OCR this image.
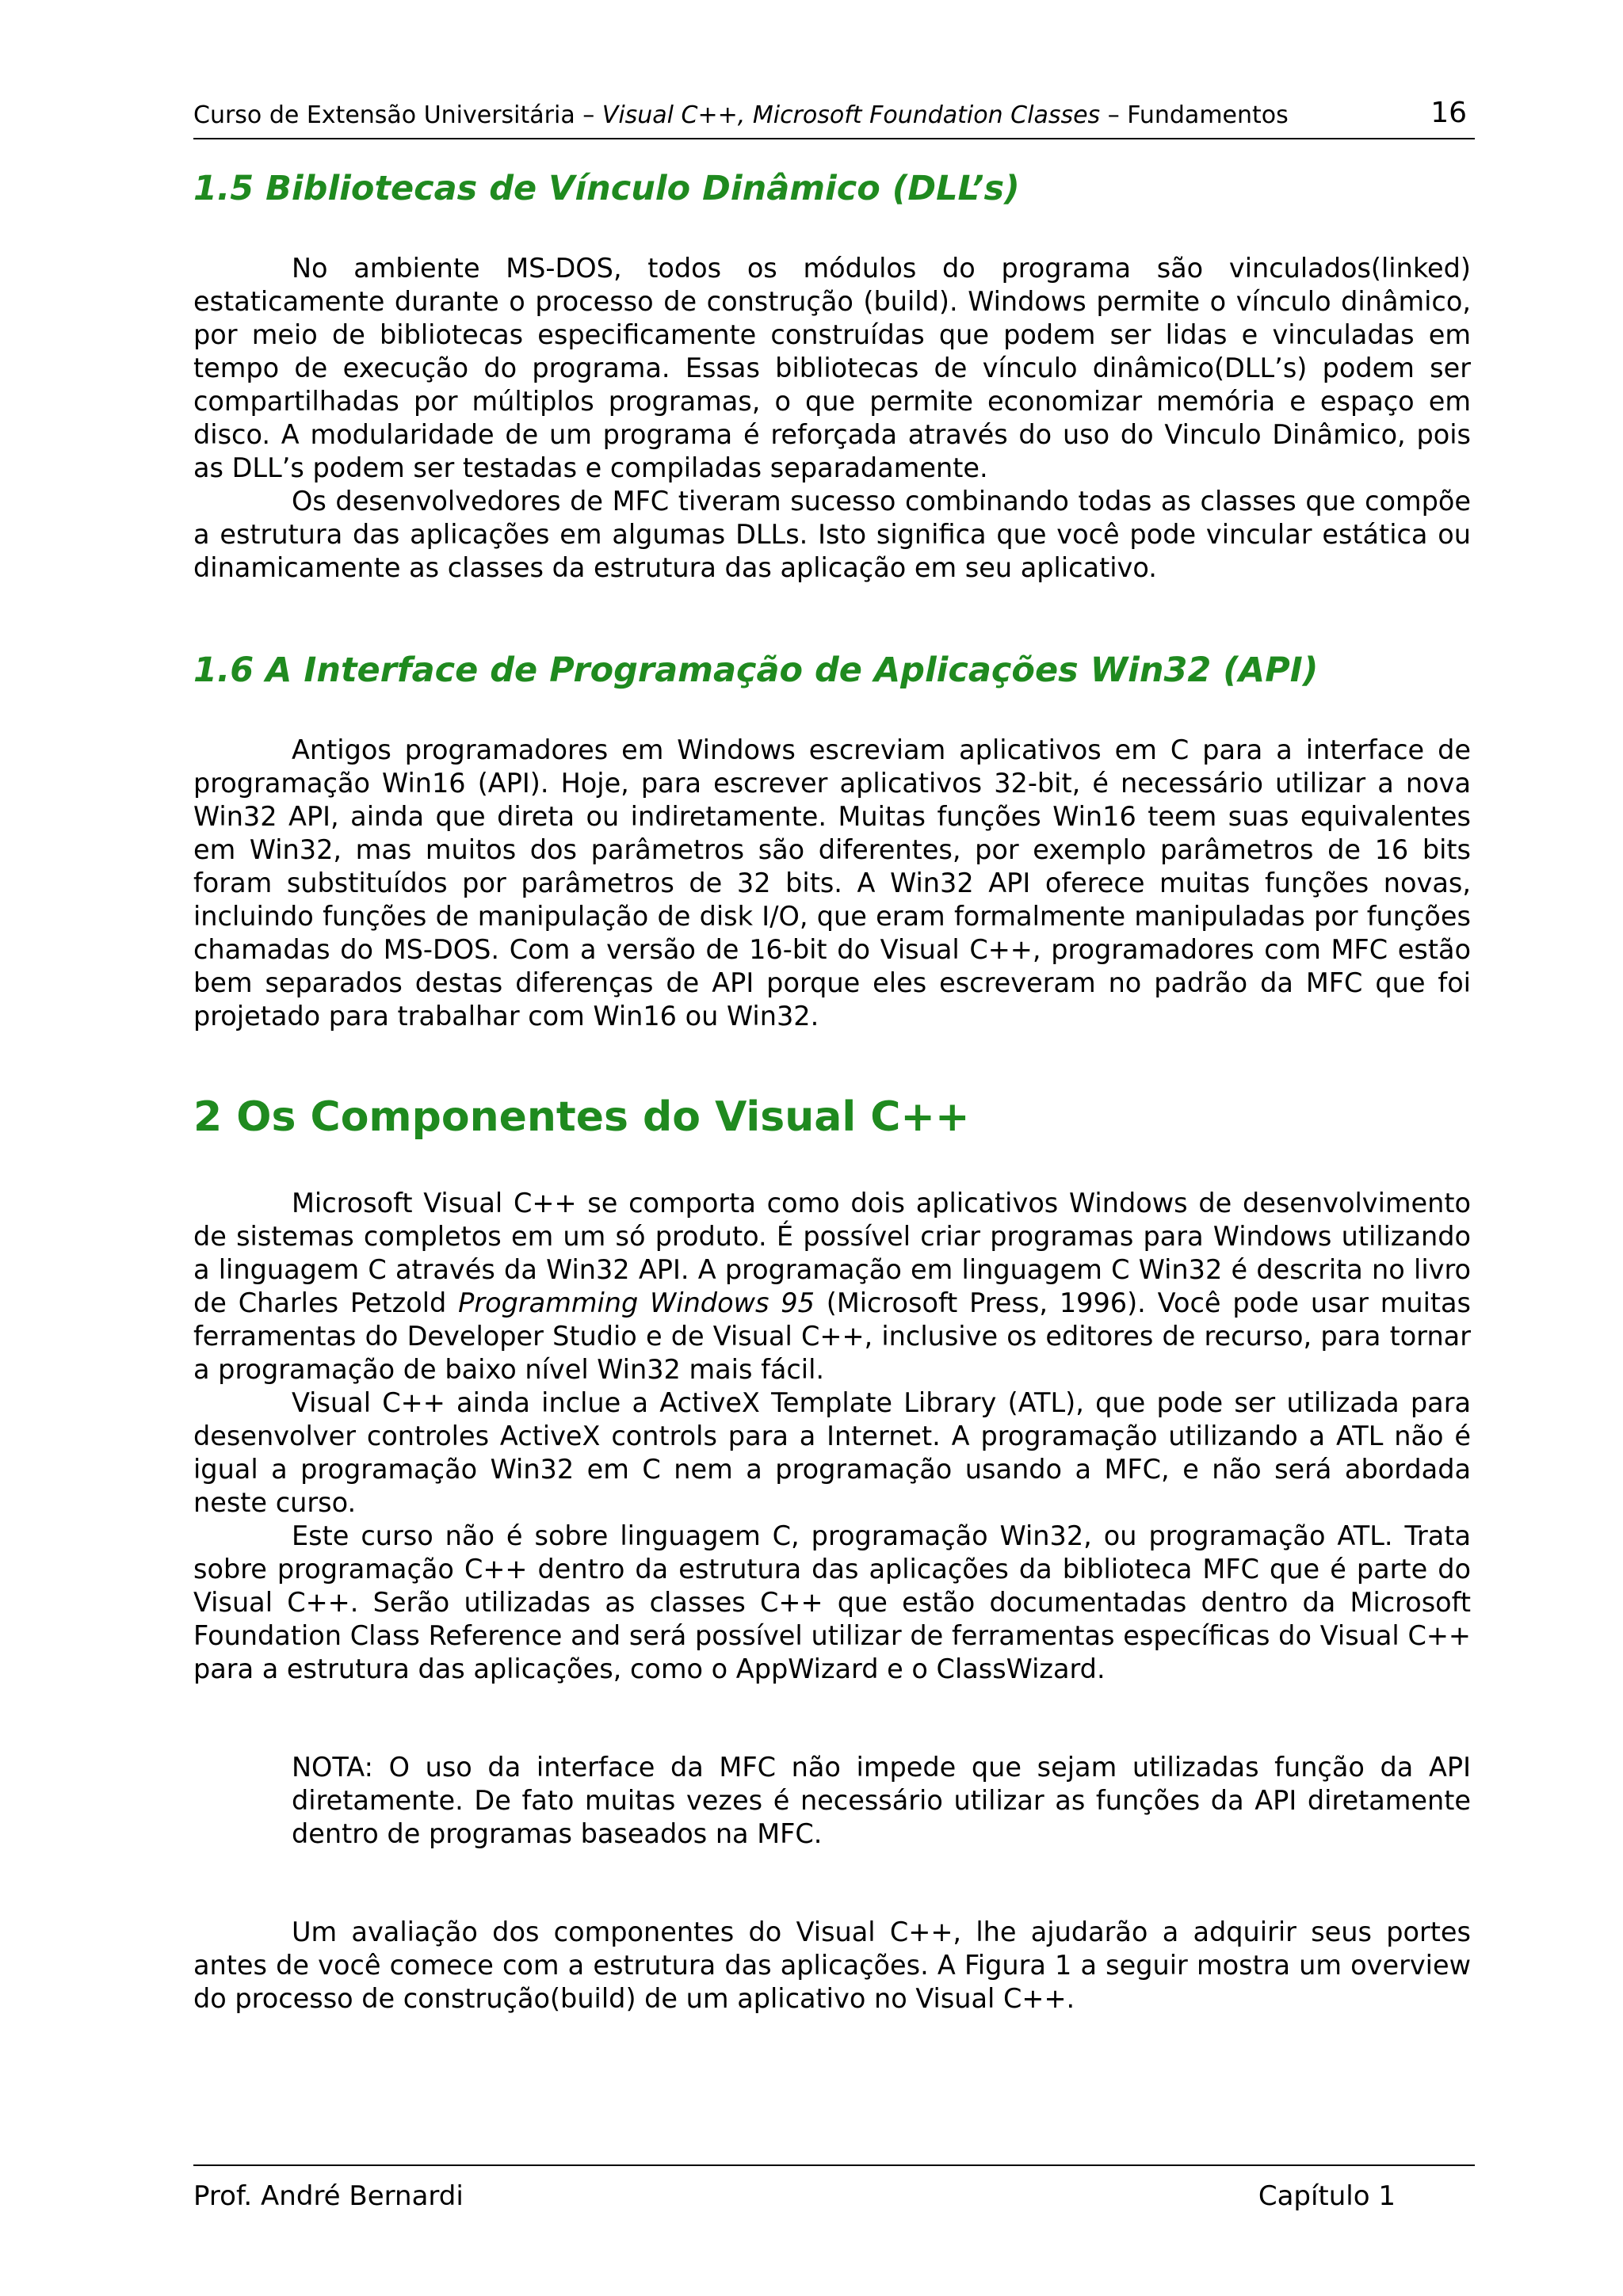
Curso de Extensão Universitária – Visual C++, Microsoft Foundation Classes – Fundamentos	16
1.5 Bibliotecas de Vínculo Dinâmico (DLL’s)

No ambiente MS-DOS, todos os módulos do programa são vinculados(linked) estaticamente durante o processo de construção (build). Windows permite o vínculo dinâmico, por meio de bibliotecas especificamente construídas que podem ser lidas e vinculadas em tempo de execução do programa. Essas bibliotecas de vínculo dinâmico(DLL’s) podem ser compartilhadas por múltiplos programas, o que permite economizar memória e espaço em disco. A modularidade de um programa é reforçada através do uso do Vinculo Dinâmico, pois as DLL’s podem ser testadas e compiladas separadamente.

Os desenvolvedores de MFC tiveram sucesso combinando todas as classes que compõe a estrutura das aplicações em algumas DLLs. Isto significa que você pode vincular estática ou dinamicamente as classes da estrutura das aplicação em seu aplicativo.

1.6 A Interface de Programação de Aplicações Win32 (API)

Antigos programadores em Windows escreviam aplicativos em C para a interface de programação Win16 (API). Hoje, para escrever aplicativos 32-bit, é necessário utilizar a nova Win32 API, ainda que direta ou indiretamente. Muitas funções Win16 teem suas equivalentes em Win32, mas muitos dos parâmetros são diferentes, por exemplo parâmetros de 16 bits foram substituídos por parâmetros de 32 bits. A Win32 API oferece muitas funções novas, incluindo funções de manipulação de disk I/O, que eram formalmente manipuladas por funções chamadas do MS-DOS. Com a versão de 16-bit do Visual C++, programadores com MFC estão bem separados destas diferenças de API porque eles escreveram no padrão da MFC que foi projetado para trabalhar com Win16 ou Win32.

2 Os Componentes do Visual C++

Microsoft Visual C++ se comporta como dois aplicativos Windows de desenvolvimento de sistemas completos em um só produto. É possível criar programas para Windows utilizando a linguagem C através da Win32 API. A programação em linguagem C Win32 é descrita no livro de Charles Petzold Programming Windows 95 (Microsoft Press, 1996). Você pode usar muitas ferramentas do Developer Studio e de Visual C++, inclusive os editores de recurso, para tornar a programação de baixo nível Win32 mais fácil.

Visual C++ ainda inclue a ActiveX Template Library (ATL), que pode ser utilizada para desenvolver controles ActiveX controls para a Internet. A programação utilizando a ATL não é igual a programação Win32 em C nem a programação usando a MFC, e não será abordada neste curso.

Este curso não é sobre linguagem C, programação Win32, ou programação ATL. Trata sobre programação C++ dentro da estrutura das aplicações da biblioteca MFC que é parte do Visual C++. Serão utilizadas as classes C++ que estão documentadas dentro da Microsoft Foundation Class Reference and será possível utilizar de ferramentas específicas do Visual C++ para a estrutura das aplicações, como o AppWizard e o ClassWizard.

NOTA: O uso da interface da MFC não impede que sejam utilizadas função da API diretamente. De fato muitas vezes é necessário utilizar as funções da API diretamente dentro de programas baseados na MFC.

Um avaliação dos componentes do Visual C++, lhe ajudarão a adquirir seus portes antes de você comece com a estrutura das aplicações. A Figura 1 a seguir mostra um overview do processo de construção(build) de um aplicativo no Visual C++.

Prof. André Bernardi	Capítulo 1
